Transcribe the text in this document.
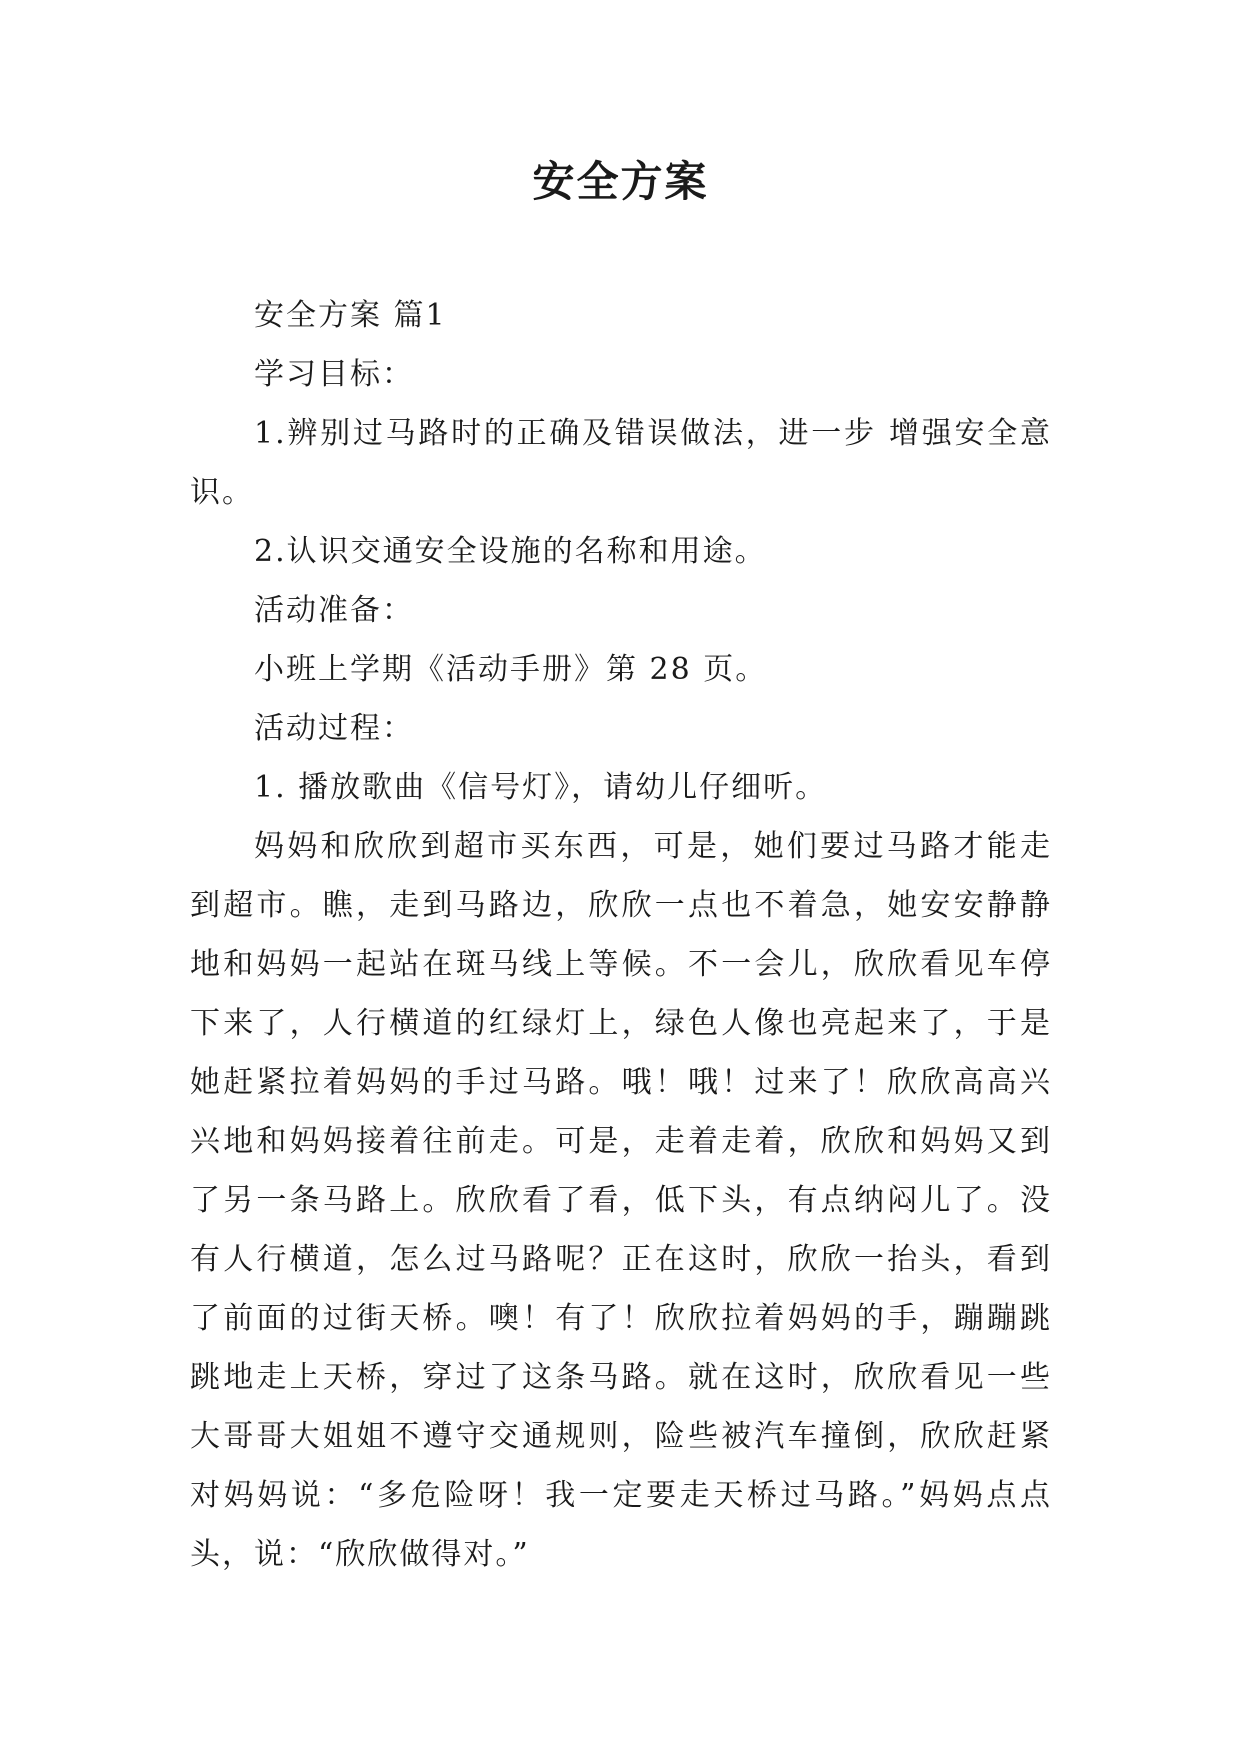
安全方案

安全方案 篇1

学习目标：

1.辨别过马路时的正确及错误做法，进一步 增强安全意识。

2.认识交通安全设施的名称和用途。

活动准备：

小班上学期《活动手册》第 28 页。

活动过程：

1. 播放歌曲《信号灯》，请幼儿仔细听。

妈妈和欣欣到超市买东西，可是，她们要过马路才能走到超市。瞧，走到马路边，欣欣一点也不着急，她安安静静地和妈妈一起站在斑马线上等候。不一会儿，欣欣看见车停下来了，人行横道的红绿灯上，绿色人像也亮起来了，于是她赶紧拉着妈妈的手过马路。哦！哦！过来了！欣欣高高兴兴地和妈妈接着往前走。可是，走着走着，欣欣和妈妈又到了另一条马路上。欣欣看了看，低下头，有点纳闷儿了。没有人行横道，怎么过马路呢？正在这时，欣欣一抬头，看到了前面的过街天桥。噢！有了！欣欣拉着妈妈的手，蹦蹦跳跳地走上天桥，穿过了这条马路。就在这时，欣欣看见一些大哥哥大姐姐不遵守交通规则，险些被汽车撞倒，欣欣赶紧对妈妈说：“多危险呀！我一定要走天桥过马路。”妈妈点点头，说：“欣欣做得对。”
